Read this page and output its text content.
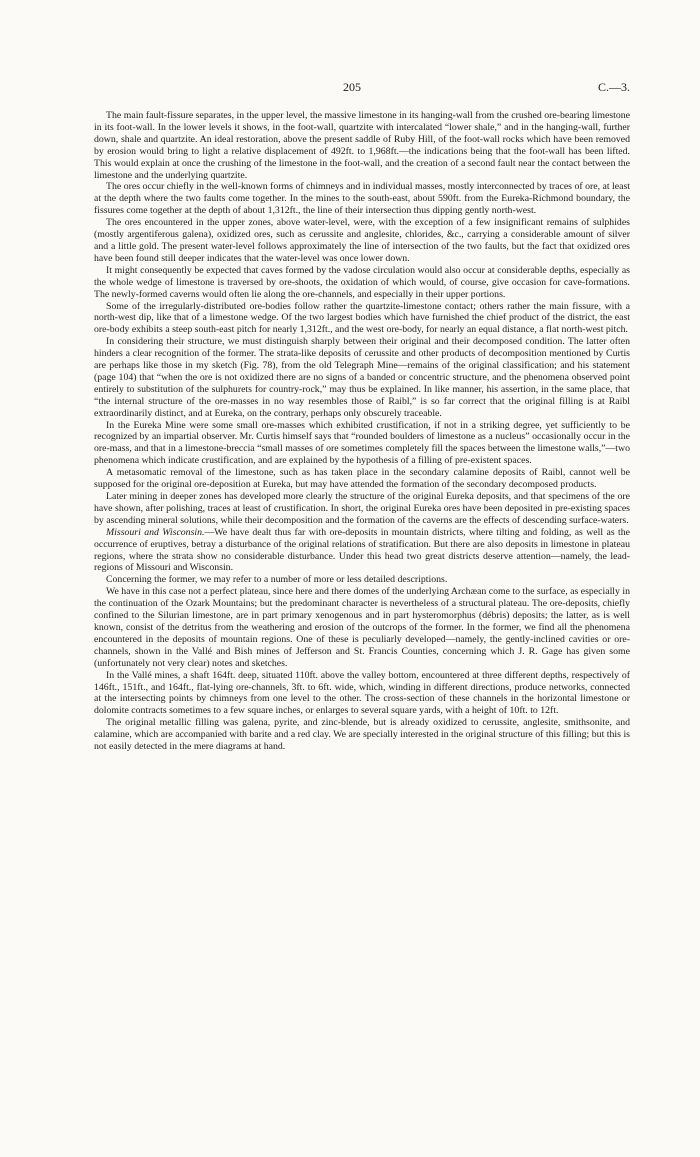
205	C.—3.

The main fault-fissure separates, in the upper level, the massive limestone in its hanging-wall from the crushed ore-bearing limestone in its foot-wall. In the lower levels it shows, in the foot-wall, quartzite with intercalated “lower shale,” and in the hanging-wall, further down, shale and quartzite. An ideal restoration, above the present saddle of Ruby Hill, of the foot-wall rocks which have been removed by erosion would bring to light a relative displacement of 492ft. to 1,968ft.—the indications being that the foot-wall has been lifted. This would explain at once the crushing of the limestone in the foot-wall, and the creation of a second fault near the contact between the limestone and the underlying quartzite.

The ores occur chiefly in the well-known forms of chimneys and in individual masses, mostly interconnected by traces of ore, at least at the depth where the two faults come together. In the mines to the south-east, about 590ft. from the Eureka-Richmond boundary, the fissures come together at the depth of about 1,312ft., the line of their intersection thus dipping gently north-west.

The ores encountered in the upper zones, above water-level, were, with the exception of a few insignificant remains of sulphides (mostly argentiferous galena), oxidized ores, such as cerussite and anglesite, chlorides, &c., carrying a considerable amount of silver and a little gold. The present water-level follows approximately the line of intersection of the two faults, but the fact that oxidized ores have been found still deeper indicates that the water-level was once lower down.

It might consequently be expected that caves formed by the vadose circulation would also occur at considerable depths, especially as the whole wedge of limestone is traversed by ore-shoots, the oxidation of which would, of course, give occasion for cave-formations. The newly-formed caverns would often lie along the ore-channels, and especially in their upper portions.

Some of the irregularly-distributed ore-bodies follow rather the quartzite-limestone contact; others rather the main fissure, with a north-west dip, like that of a limestone wedge. Of the two largest bodies which have furnished the chief product of the district, the east ore-body exhibits a steep south-east pitch for nearly 1,312ft., and the west ore-body, for nearly an equal distance, a flat north-west pitch.

In considering their structure, we must distinguish sharply between their original and their decomposed condition. The latter often hinders a clear recognition of the former. The strata-like deposits of cerussite and other products of decomposition mentioned by Curtis are perhaps like those in my sketch (Fig. 78), from the old Telegraph Mine—remains of the original classification; and his statement (page 104) that “when the ore is not oxidized there are no signs of a banded or concentric structure, and the phenomena observed point entirely to substitution of the sulphurets for country-rock,” may thus be explained. In like manner, his assertion, in the same place, that “the internal structure of the ore-masses in no way resembles those of Raibl,” is so far correct that the original filling is at Raibl extraordinarily distinct, and at Eureka, on the contrary, perhaps only obscurely traceable.

In the Eureka Mine were some small ore-masses which exhibited crustification, if not in a striking degree, yet sufficiently to be recognized by an impartial observer. Mr. Curtis himself says that “rounded boulders of limestone as a nucleus” occasionally occur in the ore-mass, and that in a limestone-breccia “small masses of ore sometimes completely fill the spaces between the limestone walls,”—two phenomena which indicate crustification, and are explained by the hypothesis of a filling of pre-existent spaces.

A metasomatic removal of the limestone, such as has taken place in the secondary calamine deposits of Raibl, cannot well be supposed for the original ore-deposition at Eureka, but may have attended the formation of the secondary decomposed products.

Later mining in deeper zones has developed more clearly the structure of the original Eureka deposits, and that specimens of the ore have shown, after polishing, traces at least of crustification. In short, the original Eureka ores have been deposited in pre-existing spaces by ascending mineral solutions, while their decomposition and the formation of the caverns are the effects of descending surface-waters.

Missouri and Wisconsin.—We have dealt thus far with ore-deposits in mountain districts, where tilting and folding, as well as the occurrence of eruptives, betray a disturbance of the original relations of stratification. But there are also deposits in limestone in plateau regions, where the strata show no considerable disturbance. Under this head two great districts deserve attention—namely, the lead-regions of Missouri and Wisconsin.

Concerning the former, we may refer to a number of more or less detailed descriptions.

We have in this case not a perfect plateau, since here and there domes of the underlying Archæan come to the surface, as especially in the continuation of the Ozark Mountains; but the predominant character is nevertheless of a structural plateau. The ore-deposits, chiefly confined to the Silurian limestone, are in part primary xenogenous and in part hysteromorphus (débris) deposits; the latter, as is well known, consist of the detritus from the weathering and erosion of the outcrops of the former. In the former, we find all the phenomena encountered in the deposits of mountain regions. One of these is peculiarly developed—namely, the gently-inclined cavities or ore-channels, shown in the Vallé and Bish mines of Jefferson and St. Francis Counties, concerning which J. R. Gage has given some (unfortunately not very clear) notes and sketches.

In the Vallé mines, a shaft 164ft. deep, situated 110ft. above the valley bottom, encountered at three different depths, respectively of 146ft., 151ft., and 164ft., flat-lying ore-channels, 3ft. to 6ft. wide, which, winding in different directions, produce networks, connected at the intersecting points by chimneys from one level to the other. The cross-section of these channels in the horizontal limestone or dolomite contracts sometimes to a few square inches, or enlarges to several square yards, with a height of 10ft. to 12ft.

The original metallic filling was galena, pyrite, and zinc-blende, but is already oxidized to cerussite, anglesite, smithsonite, and calamine, which are accompanied with barite and a red clay. We are specially interested in the original structure of this filling; but this is not easily detected in the mere diagrams at hand.
